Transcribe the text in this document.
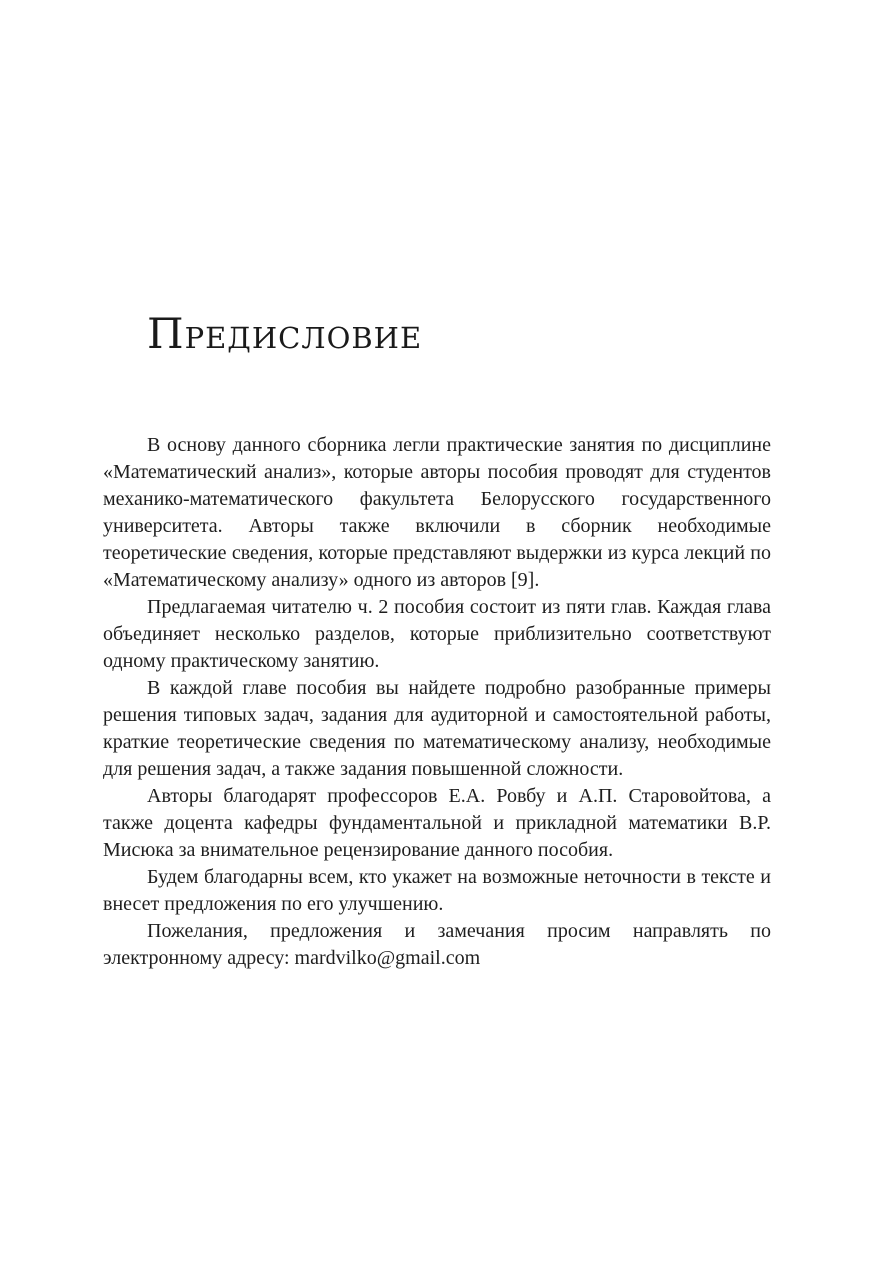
Предисловие

В основу данного сборника легли практические занятия по дисциплине «Математический анализ», которые авторы пособия проводят для студентов механико-математического факультета Белорусского государственного университета. Авторы также включили в сборник необходимые теоретические сведения, которые представляют выдержки из курса лекций по «Математическому анализу» одного из авторов [9].

Предлагаемая читателю ч. 2 пособия состоит из пяти глав. Каждая глава объединяет несколько разделов, которые приблизительно соответствуют одному практическому занятию.

В каждой главе пособия вы найдете подробно разобранные примеры решения типовых задач, задания для аудиторной и самостоятельной работы, краткие теоретические сведения по математическому анализу, необходимые для решения задач, а также задания повышенной сложности.

Авторы благодарят профессоров Е.А. Ровбу и А.П. Старовойтова, а также доцента кафедры фундаментальной и прикладной математики В.Р. Мисюка за внимательное рецензирование данного пособия.

Будем благодарны всем, кто укажет на возможные неточности в тексте и внесет предложения по его улучшению.

Пожелания, предложения и замечания просим направлять по электронному адресу: mardvilko@gmail.com
